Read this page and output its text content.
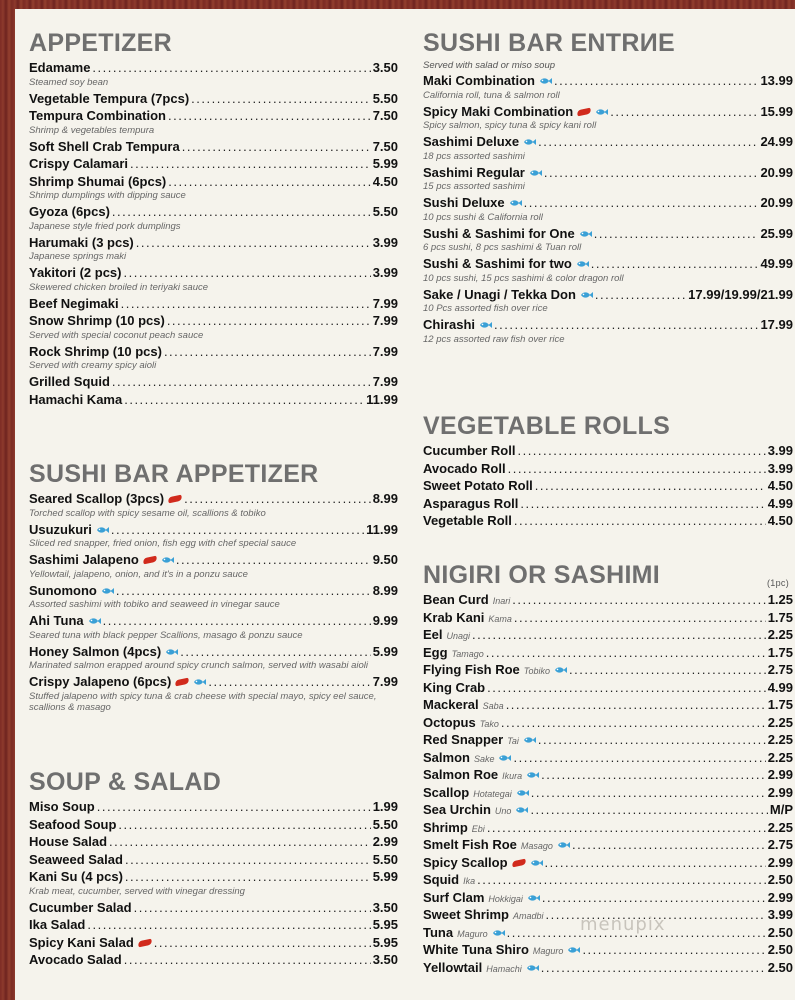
APPETIZER
Edamame .....	3.50
Steamed soy bean
Vegetable Tempura (7pcs) .....	5.50
Tempura Combination .....	7.50
Shrimp & vegetables tempura
Soft Shell Crab Tempura .....	7.50
Crispy Calamari .....	5.99
Shrimp Shumai (6pcs) .....	4.50
Shrimp dumplings with dipping sauce
Gyoza (6pcs) .....	5.50
Japanese style fried pork dumplings
Harumaki (3 pcs) .....	3.99
Japanese springs maki
Yakitori (2 pcs) .....	3.99
Skewered chicken broiled in teriyaki sauce
Beef Negimaki .....	7.99
Snow Shrimp (10 pcs) .....	7.99
Served with special coconut peach sauce
Rock Shrimp (10 pcs) .....	7.99
Served with creamy spicy aioli
Grilled Squid .....	7.99
Hamachi Kama .....	11.99
SUSHI BAR APPETIZER
Seared Scallop (3pcs) .....	8.99
Torched scallop with spicy sesame oil, scallions & tobiko
Usuzukuri .....	11.99
Sliced red snapper, fried onion, fish egg with chef special sauce
Sashimi Jalapeno .....	9.50
Yellowtail, jalapeno, onion, and it's in a ponzu sauce
Sunomono .....	8.99
Assorted sashimi with tobiko and seaweed in vinegar sauce
Ahi Tuna .....	9.99
Seared tuna with black pepper Scallions, masago & ponzu sauce
Honey Salmon (4pcs) .....	5.99
Marinated salmon erapped around spicy crunch salmon, served with wasabi aioli
Crispy Jalapeno (6pcs) .....	7.99
Stuffed jalapeno with spicy tuna & crab cheese with special mayo, spicy eel sauce, scallions & masago
SOUP & SALAD
Miso Soup .....	1.99
Seafood Soup .....	5.50
House Salad .....	2.99
Seaweed Salad .....	5.50
Kani Su (4 pcs) .....	5.99
Krab meat, cucumber, served with vinegar dressing
Cucumber Salad .....	3.50
Ika Salad .....	5.95
Spicy Kani Salad .....	5.95
Avocado Salad .....	3.50
SUSHI BAR ENTRИE
Served with salad or miso soup
Maki Combination .....	13.99
California roll, tuna & salmon roll
Spicy Maki Combination .....	15.99
Spicy salmon, spicy tuna & spicy kani roll
Sashimi Deluxe .....	24.99
18 pcs assorted sashimi
Sashimi Regular .....	20.99
15 pcs assorted sashimi
Sushi Deluxe .....	20.99
10 pcs sushi & California roll
Sushi & Sashimi for One .....	25.99
6 pcs sushi, 8 pcs sashimi & Tuan roll
Sushi & Sashimi for two .....	49.99
10 pcs sushi, 15 pcs sashimi & color dragon roll
Sake / Unagi / Tekka Don .....	17.99/19.99/21.99
10 Pcs assorted fish over rice
Chirashi .....	17.99
12 pcs assorted raw fish over rice
VEGETABLE ROLLS
Cucumber Roll .....	3.99
Avocado Roll .....	3.99
Sweet Potato Roll .....	4.50
Asparagus Roll .....	4.99
Vegetable Roll .....	4.50
NIGIRI OR SASHIMI	(1pc)
Bean Curd Inari .....	1.25
Krab Kani Kama .....	1.75
Eel Unagi .....	2.25
Egg Tamago .....	1.75
Flying Fish Roe Tobiko .....	2.75
King Crab .....	4.99
Mackeral Saba .....	1.75
Octopus Tako .....	2.25
Red Snapper Tai .....	2.25
Salmon Sake .....	2.25
Salmon Roe Ikura .....	2.99
Scallop Hotategai .....	2.99
Sea Urchin Uno .....	M/P
Shrimp Ebi .....	2.25
Smelt Fish Roe Masago .....	2.75
Spicy Scallop .....	2.99
Squid Ika .....	2.50
Surf Clam Hokkigai .....	2.99
Sweet Shrimp Amadbi .....	3.99
Tuna Maguro .....	2.50
White Tuna Shiro Maguro .....	2.50
Yellowtail Hamachi .....	2.50
menupix
